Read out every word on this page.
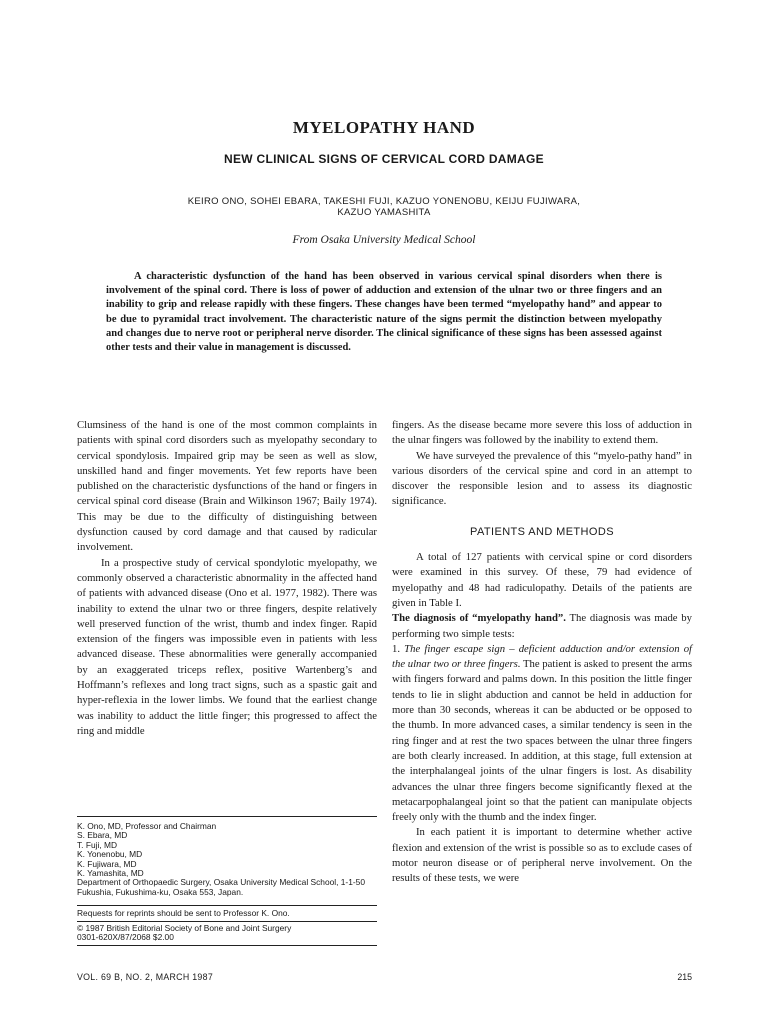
MYELOPATHY HAND
NEW CLINICAL SIGNS OF CERVICAL CORD DAMAGE
KEIRO ONO, SOHEI EBARA, TAKESHI FUJI, KAZUO YONENOBU, KEIJU FUJIWARA,
KAZUO YAMASHITA

From Osaka University Medical School

A characteristic dysfunction of the hand has been observed in various cervical spinal disorders when there is involvement of the spinal cord. There is loss of power of adduction and extension of the ulnar two or three fingers and an inability to grip and release rapidly with these fingers. These changes have been termed “myelopathy hand” and appear to be due to pyramidal tract involvement. The characteristic nature of the signs permit the distinction between myelopathy and changes due to nerve root or peripheral nerve disorder. The clinical significance of these signs has been assessed against other tests and their value in management is discussed.

Clumsiness of the hand is one of the most common complaints in patients with spinal cord disorders such as myelopathy secondary to cervical spondylosis. Impaired grip may be seen as well as slow, unskilled hand and finger movements. Yet few reports have been published on the characteristic dysfunctions of the hand or fingers in cervical spinal cord disease (Brain and Wilkinson 1967; Baily 1974). This may be due to the difficulty of distinguishing between dysfunction caused by cord damage and that caused by radicular involvement.

In a prospective study of cervical spondylotic myelopathy, we commonly observed a characteristic abnormality in the affected hand of patients with advanced disease (Ono et al. 1977, 1982). There was inability to extend the ulnar two or three fingers, despite relatively well preserved function of the wrist, thumb and index finger. Rapid extension of the fingers was impossible even in patients with less advanced disease. These abnormalities were generally accompanied by an exaggerated triceps reflex, positive Wartenberg’s and Hoffmann’s reflexes and long tract signs, such as a spastic gait and hyper-reflexia in the lower limbs. We found that the earliest change was inability to adduct the little finger; this progressed to affect the ring and middle

K. Ono, MD, Professor and Chairman
S. Ebara, MD
T. Fuji, MD
K. Yonenobu, MD
K. Fujiwara, MD
K. Yamashita, MD
Department of Orthopaedic Surgery, Osaka University Medical School, 1-1-50 Fukushia, Fukushima-ku, Osaka 553, Japan.
Requests for reprints should be sent to Professor K. Ono.
© 1987 British Editorial Society of Bone and Joint Surgery
0301-620X/87/2068 $2.00

fingers. As the disease became more severe this loss of adduction in the ulnar fingers was followed by the inability to extend them.

We have surveyed the prevalence of this “myelo-pathy hand” in various disorders of the cervical spine and cord in an attempt to discover the responsible lesion and to assess its diagnostic significance.

PATIENTS AND METHODS

A total of 127 patients with cervical spine or cord disorders were examined in this survey. Of these, 79 had evidence of myelopathy and 48 had radiculopathy. Details of the patients are given in Table I.

The diagnosis of “myelopathy hand”. The diagnosis was made by performing two simple tests:

1. The finger escape sign – deficient adduction and/or extension of the ulnar two or three fingers. The patient is asked to present the arms with fingers forward and palms down. In this position the little finger tends to lie in slight abduction and cannot be held in adduction for more than 30 seconds, whereas it can be abducted or be opposed to the thumb. In more advanced cases, a similar tendency is seen in the ring finger and at rest the two spaces between the ulnar three fingers are both clearly increased. In addition, at this stage, full extension at the interphalangeal joints of the ulnar fingers is lost. As disability advances the ulnar three fingers become significantly flexed at the metacarpophalangeal joint so that the patient can manipulate objects freely only with the thumb and the index finger.

In each patient it is important to determine whether active flexion and extension of the wrist is possible so as to exclude cases of motor neuron disease or of peripheral nerve involvement. On the results of these tests, we were

VOL. 69 B, NO. 2, MARCH 1987	215
